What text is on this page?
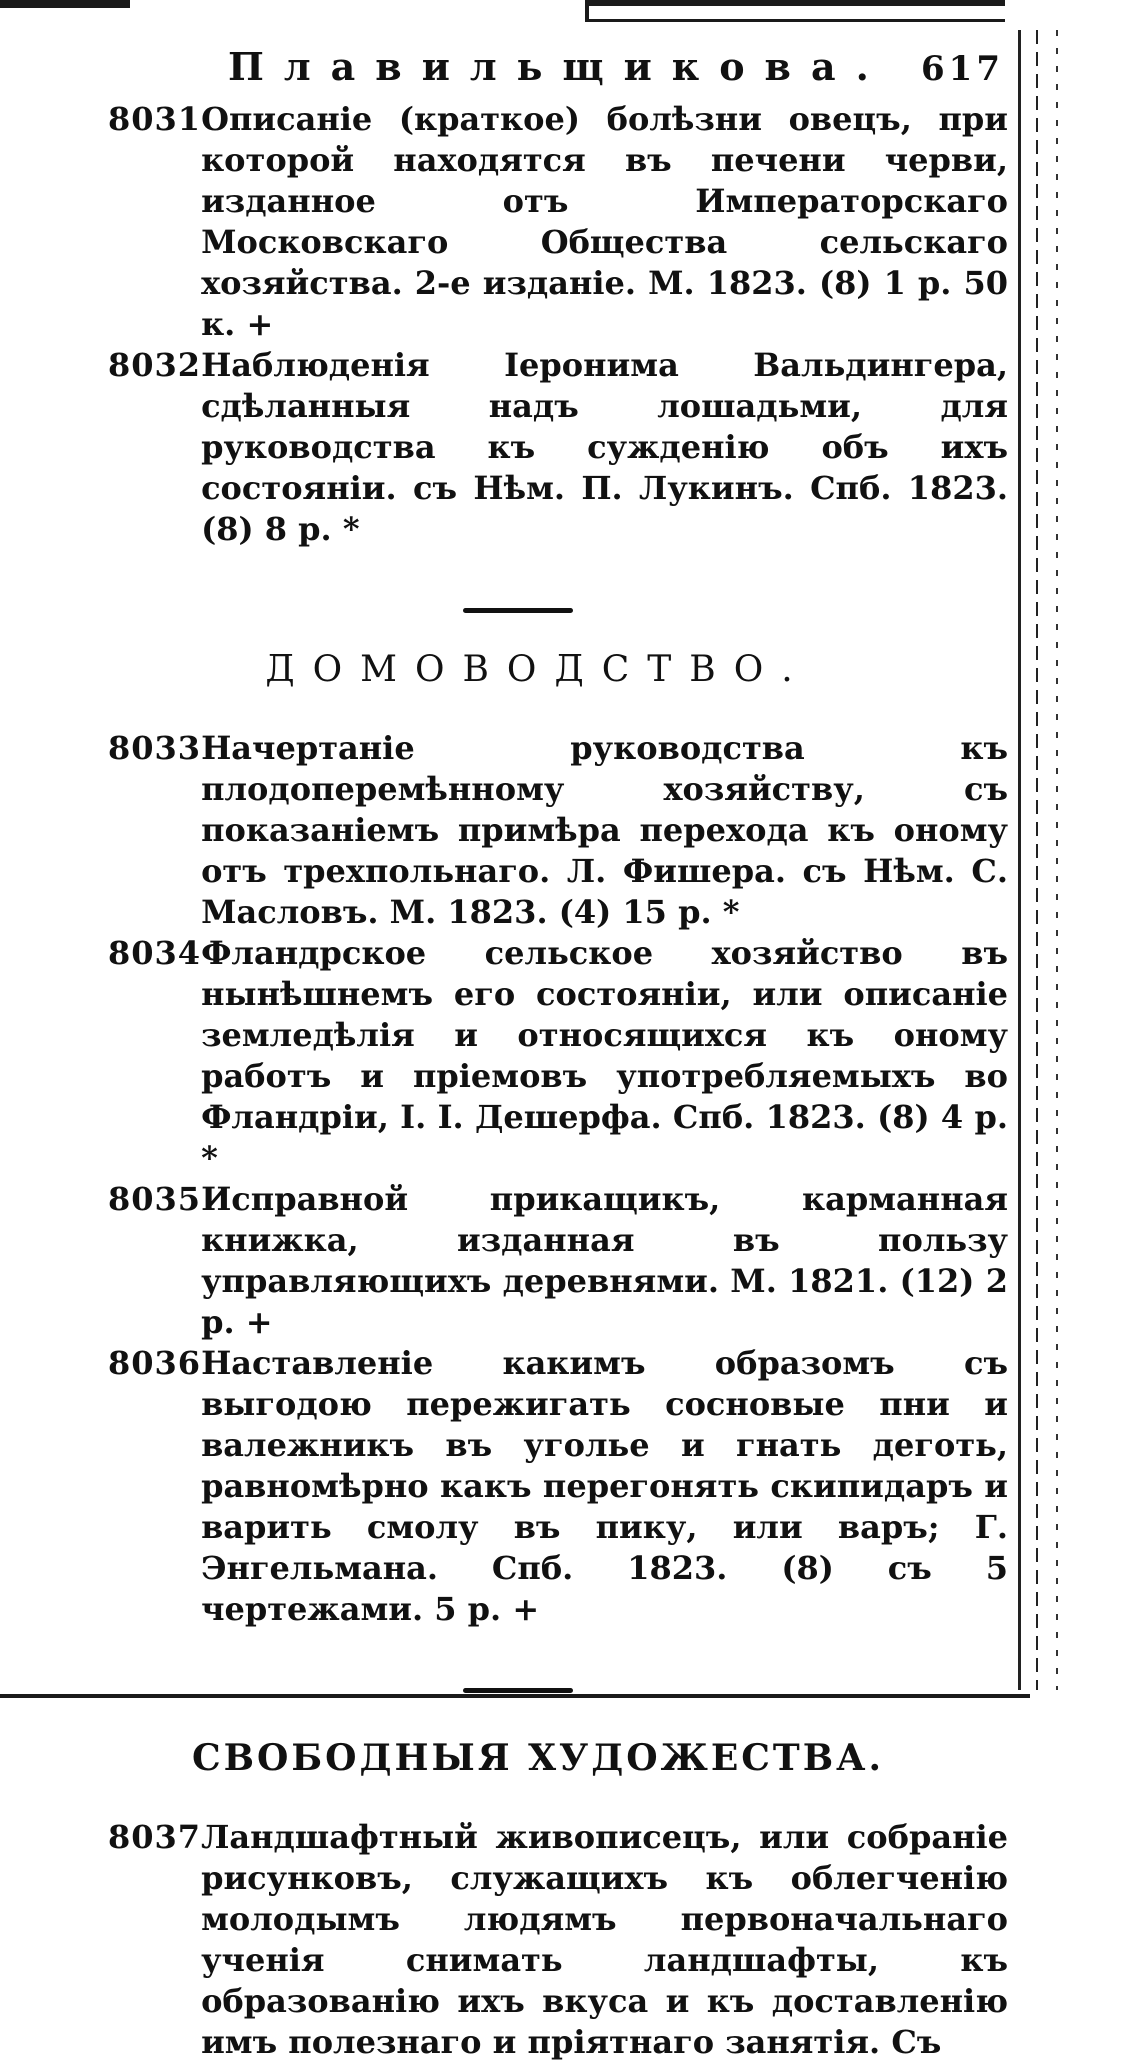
Плавильщикова. 617
8031 Описаніе (краткое) болѣзни овецъ, при которой находятся въ печени черви, изданное отъ Императорскаго Московскаго Общества сельскаго хозяйства. 2-е изданіе. М. 1823. (8) 1 р. 50 к. +
8032 Наблюденія Іеронима Вальдингера, сдѣланныя надъ лошадьми, для руководства къ сужденію объ ихъ состояніи. съ Нѣм. П. Лукинъ. Спб. 1823. (8) 8 р. *
ДОМОВОДСТВО.
8033 Начертаніе руководства къ плодоперемѣнному хозяйству, съ показаніемъ примѣра перехода къ оному отъ трехпольнаго. Л. Фишера. съ Нѣм. С. Масловъ. М. 1823. (4) 15 р. *
8034 Фландрское сельское хозяйство въ нынѣшнемъ его состояніи, или описаніе земледѣлія и относящихся къ оному работъ и пріемовъ употребляемыхъ во Фландріи, І. І. Дешерфа. Спб. 1823. (8) 4 р. *
8035 Исправной прикащикъ, карманная книжка, изданная въ пользу управляющихъ деревнями. М. 1821. (12) 2 р. +
8036 Наставленіе какимъ образомъ съ выгодою пережигать сосновые пни и валежникъ въ уголье и гнать деготь, равномѣрно какъ перегонять скипидаръ и варить смолу въ пику, или варъ; Г. Энгельмана. Спб. 1823. (8) съ 5 чертежами. 5 р. +
СВОБОДНЫЯ ХУДОЖЕСТВА.
8037 Ландшафтный живописецъ, или собраніе рисунковъ, служащихъ къ облегченію молодымъ людямъ первоначальнаго ученія снимать ландшафты, къ образованію ихъ вкуса и къ доставленію имъ полезнаго и пріятнаго занятія. Съ
